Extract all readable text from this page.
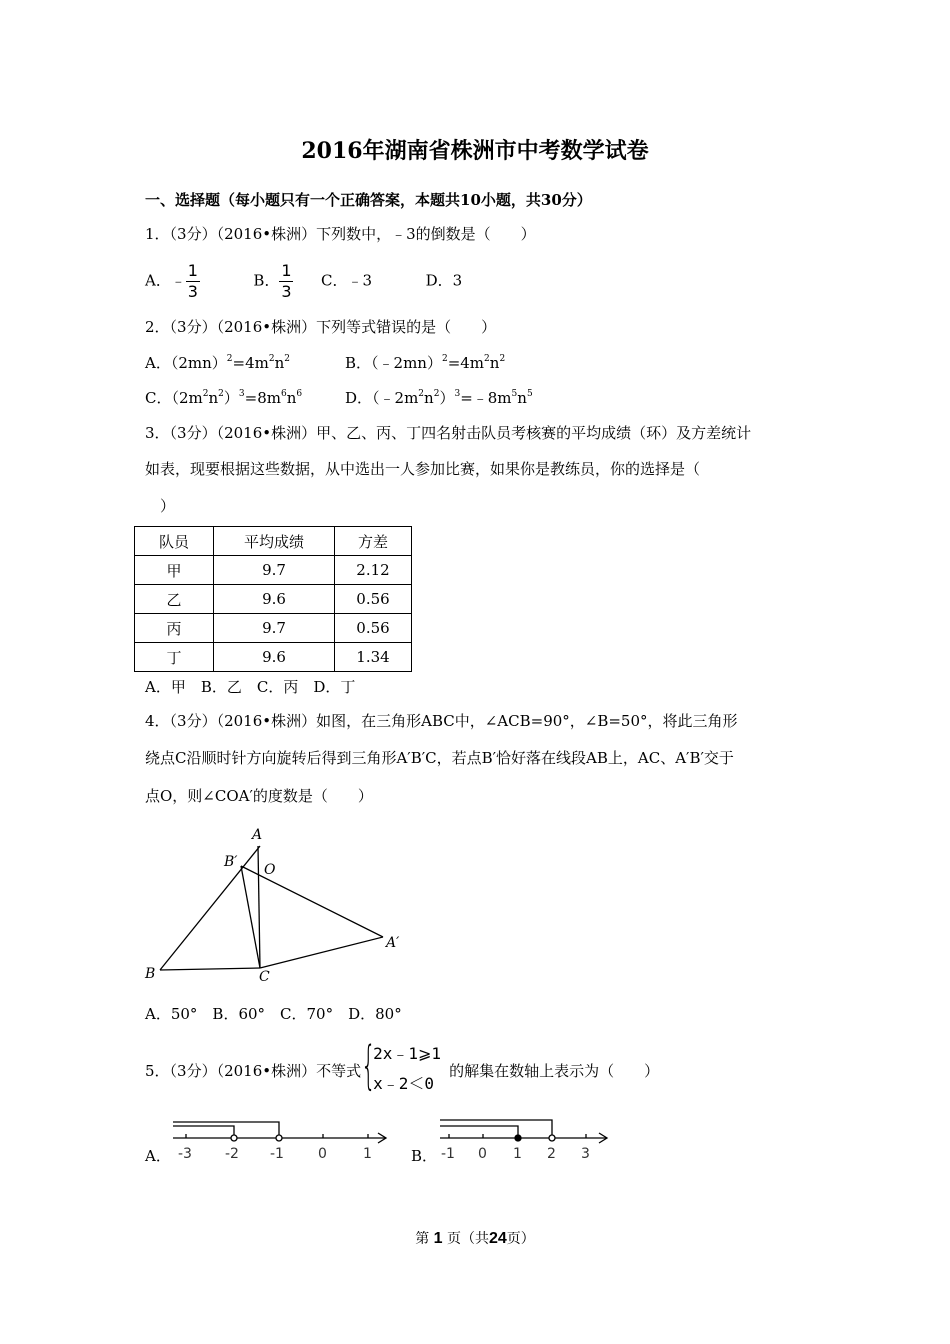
2016年湖南省株洲市中考数学试卷
一、选择题（每小题只有一个正确答案，本题共10小题，共30分）
1．（3分）（2016•株洲）下列数中，﹣3的倒数是（　　）
A．﹣ $\frac{1}{3}$	B． $\frac{1}{3}$ C．﹣3	D．3
2．（3分）（2016•株洲）下列等式错误的是（　　）
A．$(2mn)^2=4m^2n^2$	B．$(﹣2mn)^2=4m^2n^2$
C．$(2m^2n^2)^3=8m^6n^6$	D．$(﹣2m^2n^2)^3=﹣8m^5n^5$
3．（3分）（2016•株洲）甲、乙、丙、丁四名射击队员考核赛的平均成绩（环）及方差统计
如表，现要根据这些数据，从中选出一人参加比赛，如果你是教练员，你的选择是（
）
队员	平均成绩	方差
甲	9.7	2.12
乙	9.6	0.56
丙	9.7	0.56
丁	9.6	1.34
A．甲　B．乙　C．丙　D．丁
4．（3分）（2016•株洲）如图，在三角形ABC中，∠ACB=90°，∠B=50°，将此三角形
绕点C沿顺时针方向旋转后得到三角形A′B′C，若点B′恰好落在线段AB上，AC、A′B′交于
点O，则∠COA′的度数是（　　）
A
B′ O
A′
B	C
A．50°　B．60°　C．70°　D．80°
5．（3分）（2016•株洲）不等式 {
2x﹣1⩾1
x﹣2＜0
的解集在数轴上表示为（　　）
A． -3 -2 -1 0	1	B． -1 0 1 2 3
第 1 页（共24页）
